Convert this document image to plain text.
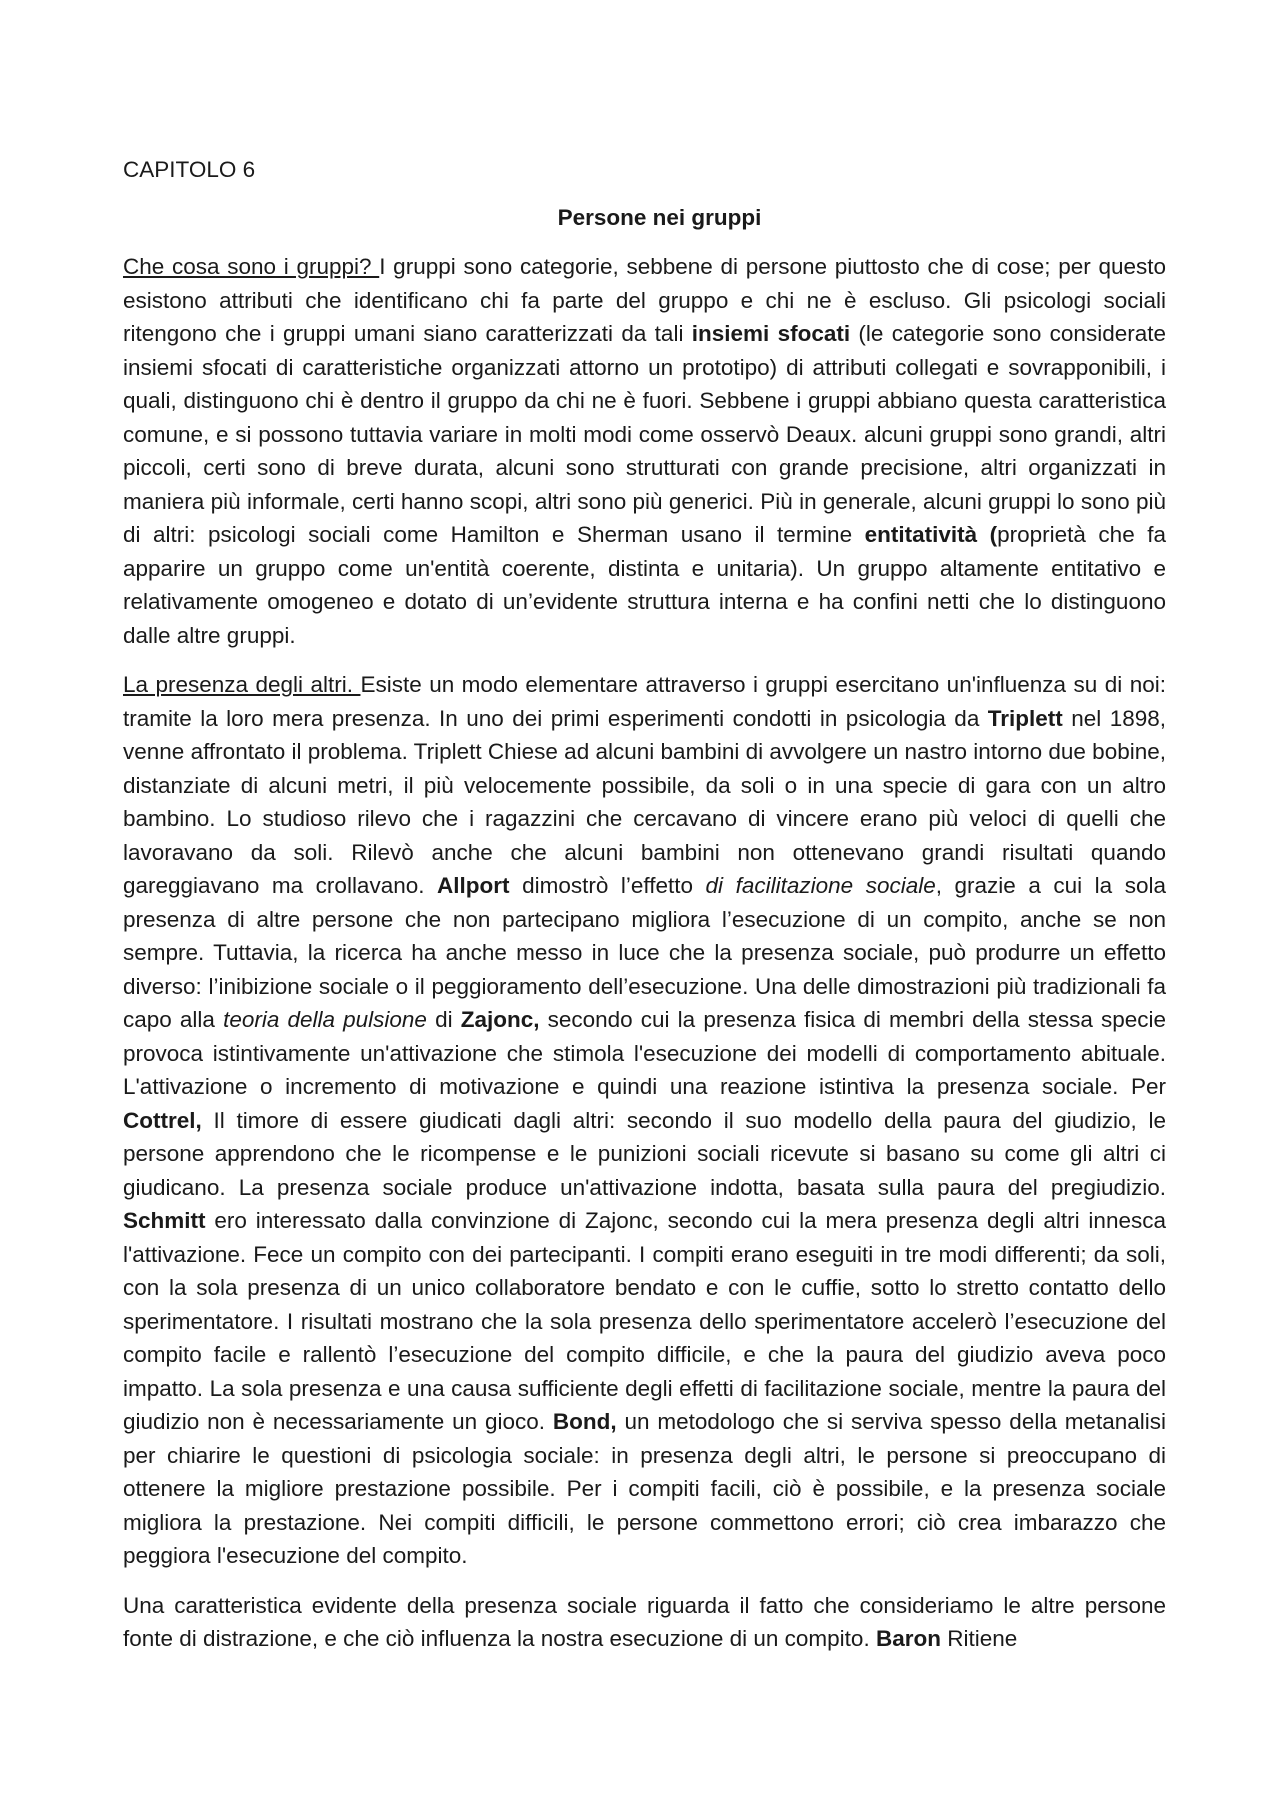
CAPITOLO 6
Persone nei gruppi

Che cosa sono i gruppi? I gruppi sono categorie, sebbene di persone piuttosto che di cose; per questo esistono attributi che identificano chi fa parte del gruppo e chi ne è escluso. Gli psicologi sociali ritengono che i gruppi umani siano caratterizzati da tali insiemi sfocati (le categorie sono considerate insiemi sfocati di caratteristiche organizzati attorno un prototipo) di attributi collegati e sovrapponibili, i quali, distinguono chi è dentro il gruppo da chi ne è fuori. Sebbene i gruppi abbiano questa caratteristica comune, e si possono tuttavia variare in molti modi come osservò Deaux. alcuni gruppi sono grandi, altri piccoli, certi sono di breve durata, alcuni sono strutturati con grande precisione, altri organizzati in maniera più informale, certi hanno scopi, altri sono più generici. Più in generale, alcuni gruppi lo sono più di altri: psicologi sociali come Hamilton e Sherman usano il termine entitatività (proprietà che fa apparire un gruppo come un'entità coerente, distinta e unitaria). Un gruppo altamente entitativo e relativamente omogeneo e dotato di un’evidente struttura interna e ha confini netti che lo distinguono dalle altre gruppi.

La presenza degli altri. Esiste un modo elementare attraverso i gruppi esercitano un'influenza su di noi: tramite la loro mera presenza. In uno dei primi esperimenti condotti in psicologia da Triplett nel 1898, venne affrontato il problema. Triplett Chiese ad alcuni bambini di avvolgere un nastro intorno due bobine, distanziate di alcuni metri, il più velocemente possibile, da soli o in una specie di gara con un altro bambino. Lo studioso rilevo che i ragazzini che cercavano di vincere erano più veloci di quelli che lavoravano da soli. Rilevò anche che alcuni bambini non ottenevano grandi risultati quando gareggiavano ma crollavano. Allport dimostrò l’effetto di facilitazione sociale, grazie a cui la sola presenza di altre persone che non partecipano migliora l’esecuzione di un compito, anche se non sempre. Tuttavia, la ricerca ha anche messo in luce che la presenza sociale, può produrre un effetto diverso: l’inibizione sociale o il peggioramento dell’esecuzione. Una delle dimostrazioni più tradizionali fa capo alla teoria della pulsione di Zajonc, secondo cui la presenza fisica di membri della stessa specie provoca istintivamente un'attivazione che stimola l'esecuzione dei modelli di comportamento abituale. L'attivazione o incremento di motivazione e quindi una reazione istintiva la presenza sociale. Per Cottrel, Il timore di essere giudicati dagli altri: secondo il suo modello della paura del giudizio, le persone apprendono che le ricompense e le punizioni sociali ricevute si basano su come gli altri ci giudicano. La presenza sociale produce un'attivazione indotta, basata sulla paura del pregiudizio. Schmitt ero interessato dalla convinzione di Zajonc, secondo cui la mera presenza degli altri innesca l'attivazione. Fece un compito con dei partecipanti. I compiti erano eseguiti in tre modi differenti; da soli, con la sola presenza di un unico collaboratore bendato e con le cuffie, sotto lo stretto contatto dello sperimentatore. I risultati mostrano che la sola presenza dello sperimentatore accelerò l’esecuzione del compito facile e rallentò l’esecuzione del compito difficile, e che la paura del giudizio aveva poco impatto. La sola presenza e una causa sufficiente degli effetti di facilitazione sociale, mentre la paura del giudizio non è necessariamente un gioco. Bond, un metodologo che si serviva spesso della metanalisi per chiarire le questioni di psicologia sociale: in presenza degli altri, le persone si preoccupano di ottenere la migliore prestazione possibile. Per i compiti facili, ciò è possibile, e la presenza sociale migliora la prestazione. Nei compiti difficili, le persone commettono errori; ciò crea imbarazzo che peggiora l'esecuzione del compito.

Una caratteristica evidente della presenza sociale riguarda il fatto che consideriamo le altre persone fonte di distrazione, e che ciò influenza la nostra esecuzione di un compito. Baron Ritiene
